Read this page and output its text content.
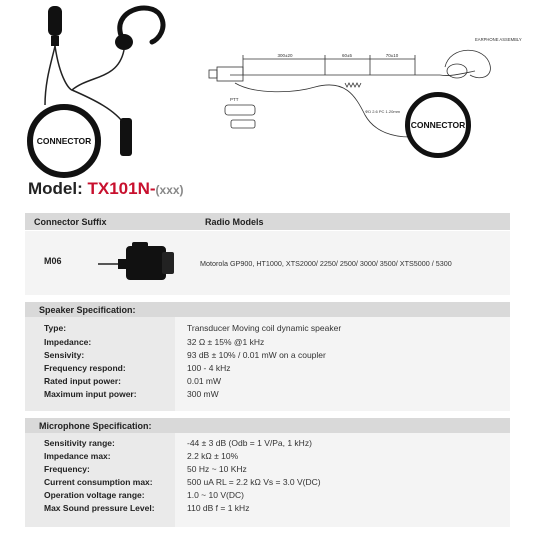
CONNECTOR
300±20	60±5	70±10
PTT
ΦD 2.6 PC 1.20mm
EARPHONE ASSEMBLY
CONNECTOR
Model: TX101N-(xxx)
Connector Suffix	Radio Models
M06	Motorola GP900, HT1000, XTS2000/ 2250/ 2500/ 3000/ 3500/ XTS5000 / 5300
Speaker Specification:
Type:	Transducer Moving coil dynamic speaker
Impedance:	32 Ω ± 15% @1 kHz
Sensivity:	93 dB ± 10% / 0.01 mW on a coupler
Frequency respond:	100 - 4 kHz
Rated input power:	0.01 mW
Maximum input power:	300 mW
Microphone Specification:
Sensitivity range:	-44 ± 3 dB (Odb = 1 V/Pa, 1 kHz)
Impedance max:	2.2 kΩ ± 10%
Frequency:	50 Hz ~ 10 KHz
Current consumption max:	500 uA RL = 2.2 kΩ Vs = 3.0 V(DC)
Operation voltage range:	1.0 ~ 10 V(DC)
Max Sound pressure Level:	110 dB f = 1 kHz
